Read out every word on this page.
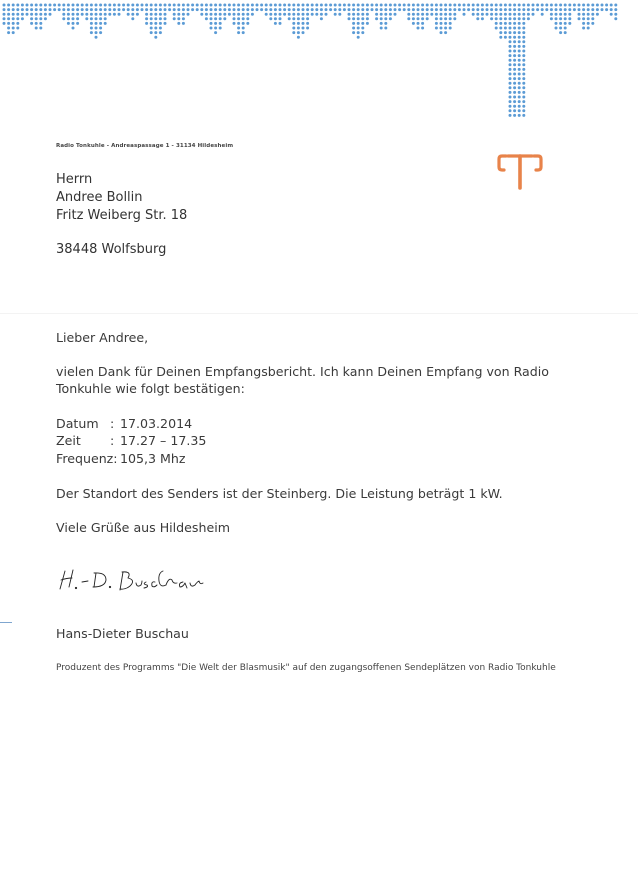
Radio Tonkuhle - Andreaspassage 1 - 31134 Hildesheim
Herrn
Andree Bollin
Fritz Weiberg Str. 18
38448 Wolfsburg
Lieber Andree,
vielen Dank für Deinen Empfangsbericht. Ich kann Deinen Empfang von Radio
Tonkuhle wie folgt bestätigen:
Datum : 17.03.2014
Zeit : 17.27 – 17.35
Frequenz: 105,3 Mhz
Der Standort des Senders ist der Steinberg. Die Leistung beträgt 1 kW.
Viele Grüße aus Hildesheim
Hans-Dieter Buschau
Produzent des Programms "Die Welt der Blasmusik" auf den zugangsoffenen Sendeplätzen von Radio Tonkuhle
